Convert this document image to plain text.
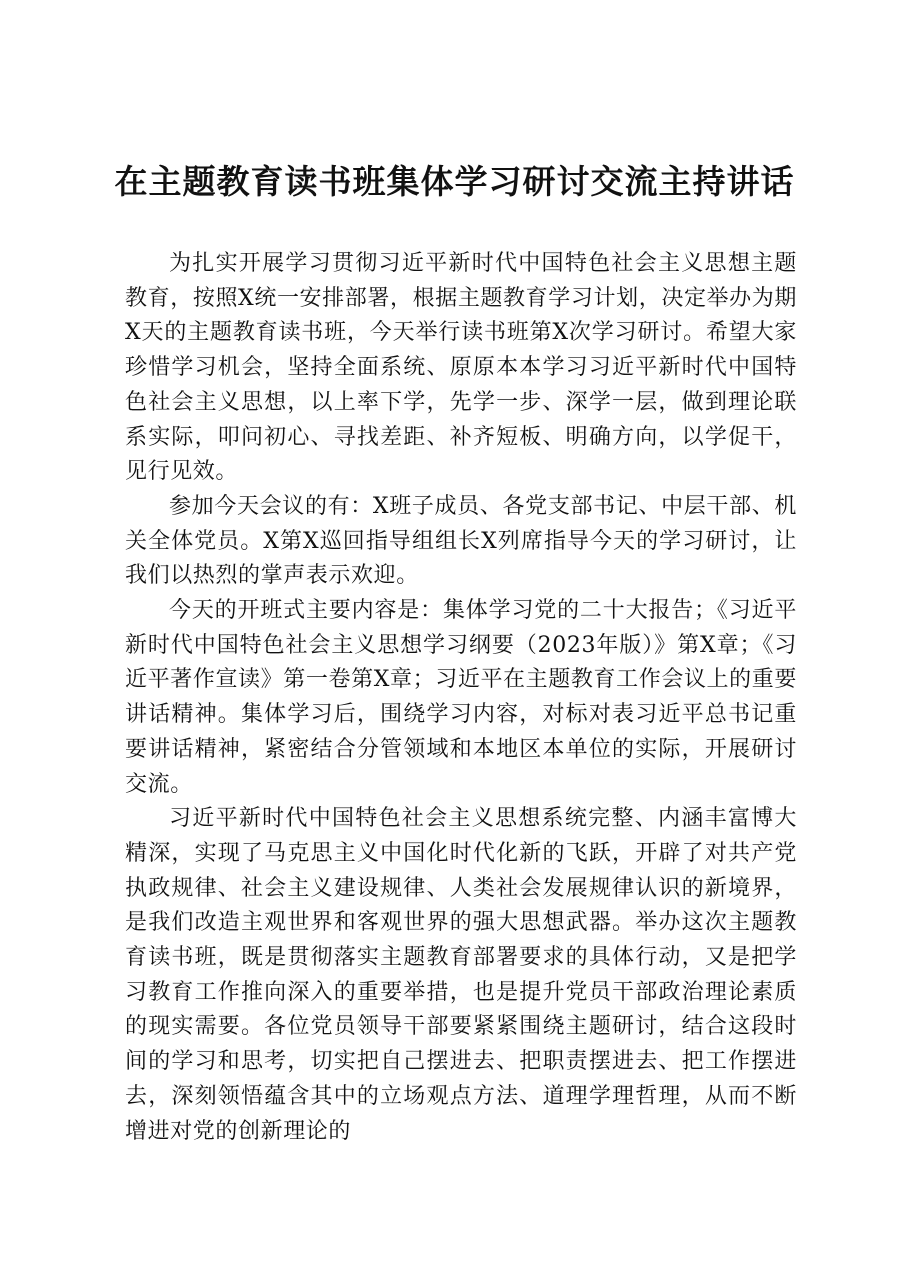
在主题教育读书班集体学习研讨交流主持讲话

为扎实开展学习贯彻习近平新时代中国特色社会主义思想主题教育，按照X统一安排部署，根据主题教育学习计划，决定举办为期X天的主题教育读书班，今天举行读书班第X次学习研讨。希望大家珍惜学习机会，坚持全面系统、原原本本学习习近平新时代中国特色社会主义思想，以上率下学，先学一步、深学一层，做到理论联系实际，叩问初心、寻找差距、补齐短板、明确方向，以学促干，见行见效。

参加今天会议的有：X班子成员、各党支部书记、中层干部、机关全体党员。X第X巡回指导组组长X列席指导今天的学习研讨，让我们以热烈的掌声表示欢迎。

今天的开班式主要内容是：集体学习党的二十大报告；《习近平新时代中国特色社会主义思想学习纲要（2023年版）》第X章；《习近平著作宣读》第一卷第X章；习近平在主题教育工作会议上的重要讲话精神。集体学习后，围绕学习内容，对标对表习近平总书记重要讲话精神，紧密结合分管领域和本地区本单位的实际，开展研讨交流。

习近平新时代中国特色社会主义思想系统完整、内涵丰富博大精深，实现了马克思主义中国化时代化新的飞跃，开辟了对共产党执政规律、社会主义建设规律、人类社会发展规律认识的新境界，是我们改造主观世界和客观世界的强大思想武器。举办这次主题教育读书班，既是贯彻落实主题教育部署要求的具体行动，又是把学习教育工作推向深入的重要举措，也是提升党员干部政治理论素质的现实需要。各位党员领导干部要紧紧围绕主题研讨，结合这段时间的学习和思考，切实把自己摆进去、把职责摆进去、把工作摆进去，深刻领悟蕴含其中的立场观点方法、道理学理哲理，从而不断增进对党的创新理论的
